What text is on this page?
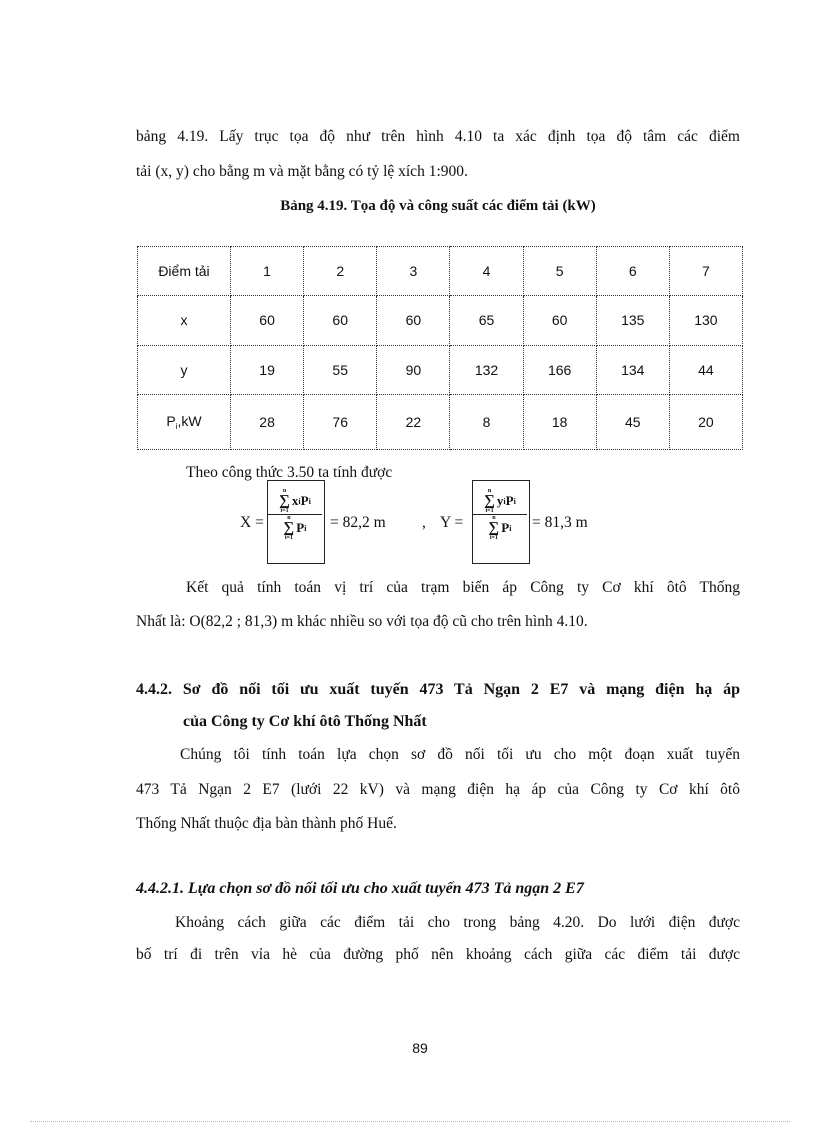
bảng 4.19. Lấy trục tọa độ như trên hình 4.10 ta xác định tọa độ tâm các điểm
tải (x, y) cho bằng m và mặt bằng có tỷ lệ xích 1:900.
Bảng 4.19. Tọa độ và công suất các điểm tải (kW)
Điểm tải	1	2	3	4	5	6	7
x	60	60	60	65	60	135	130
y	19	55	90	132	166	134	44
$P_i,kW$	28	76	22	8	18	45	20
Theo công thức 3.50 ta tính được
X =
n
∑
i=1
x i P i
n
∑
i=1
P i = 82,2 m , Y =
n
∑
i=1
y i P i
n
∑
i=1
P i = 81,3 m
Kết quả tính toán vị trí của trạm biến áp Công ty Cơ khí ôtô Thống
Nhất là: O(82,2 ; 81,3) m khác nhiều so với tọa độ cũ cho trên hình 4.10.
4.4.2. Sơ đồ nối tối ưu xuất tuyến 473 Tả Ngạn 2 E7 và mạng điện hạ áp
của Công ty Cơ khí ôtô Thống Nhất
Chúng tôi tính toán lựa chọn sơ đồ nối tối ưu cho một đoạn xuất tuyến
473 Tả Ngạn 2 E7 (lưới 22 kV) và mạng điện hạ áp của Công ty Cơ khí ôtô
Thống Nhất thuộc địa bàn thành phố Huế.
4.4.2.1. Lựa chọn sơ đồ nối tối ưu cho xuất tuyến 473 Tả ngạn 2 E7
Khoảng cách giữa các điểm tải cho trong bảng 4.20. Do lưới điện được
bố trí đi trên vỉa hè của đường phố nên khoảng cách giữa các điểm tải được
89
